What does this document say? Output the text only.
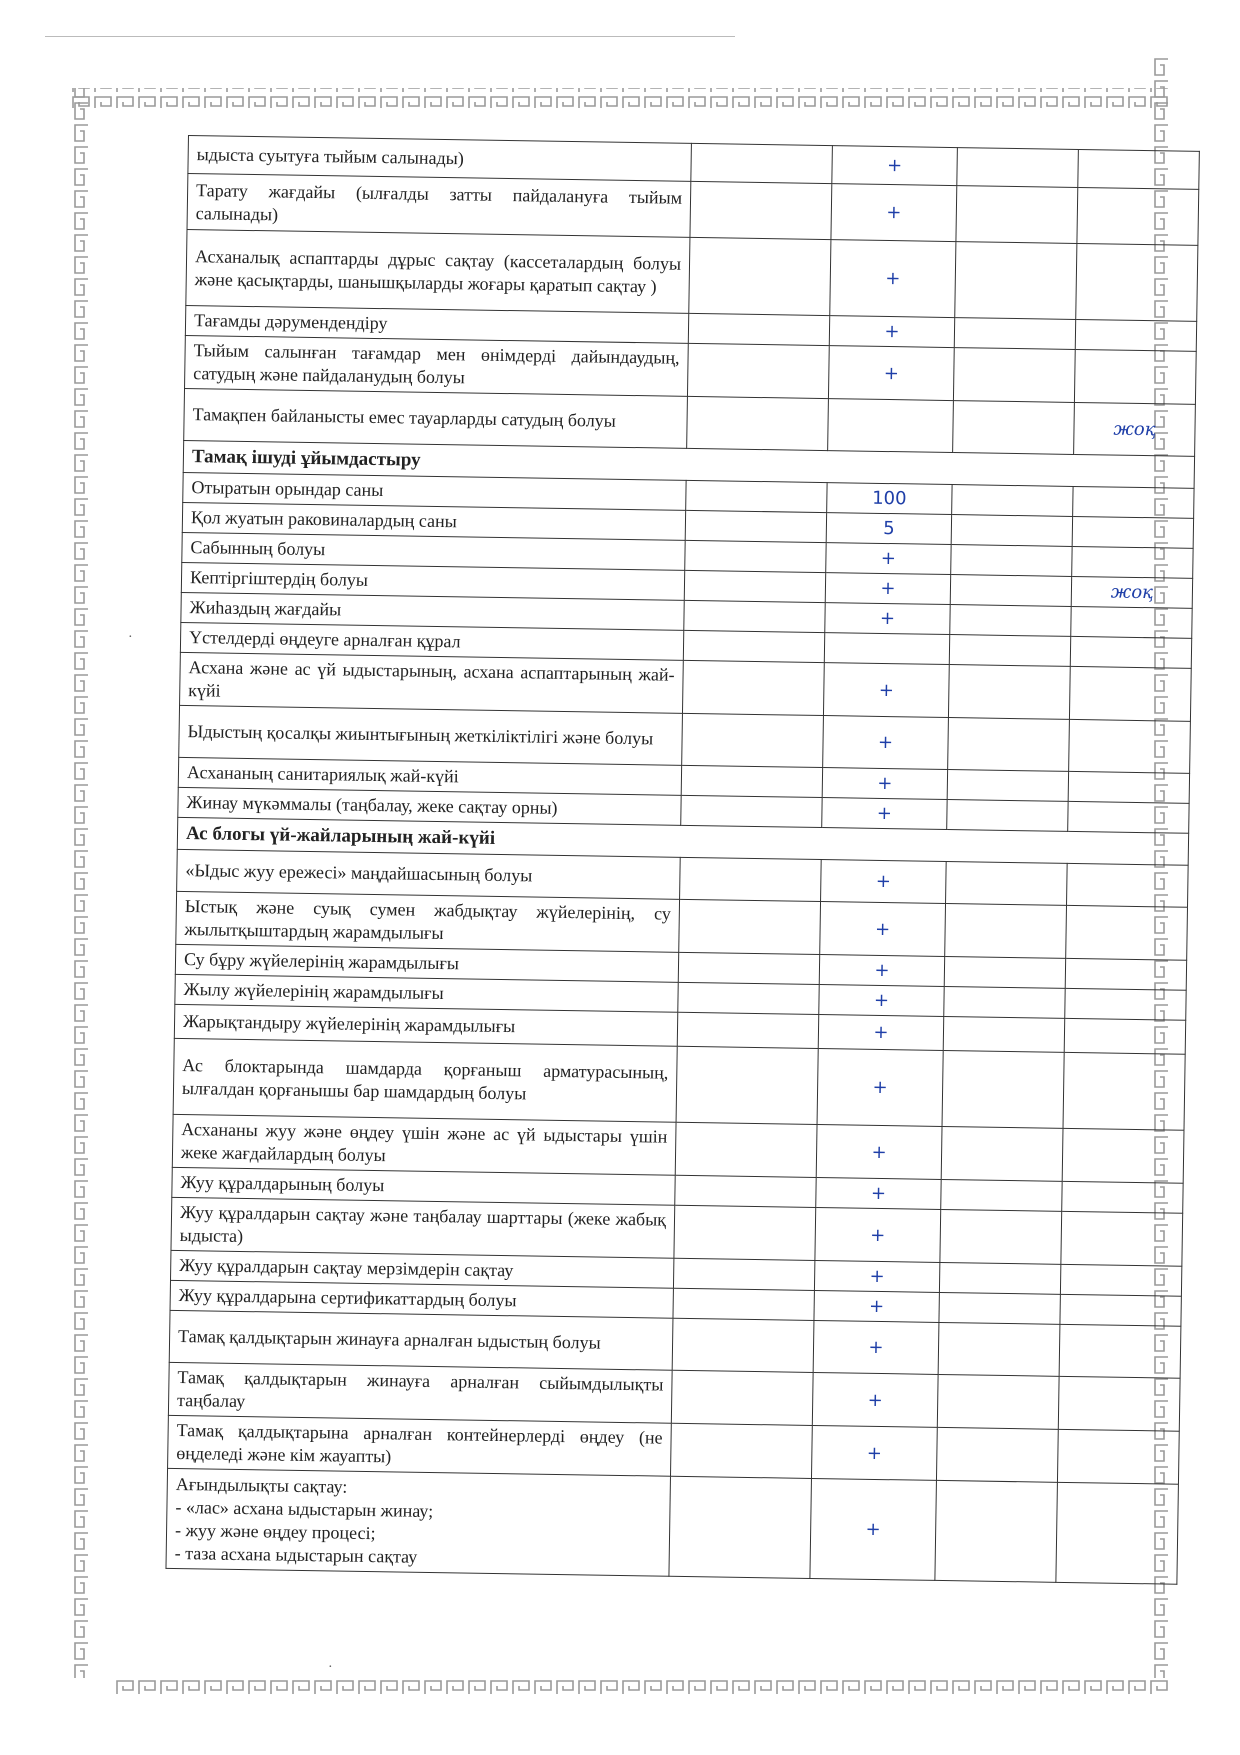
ыдыста суытуға тыйым салынады)		+		
Тарату жағдайы (ылғалды затты пайдалануға тыйым салынады)		+		
Асханалық аспаптарды дұрыс сақтау (кассеталардың болуы және қасықтарды, шанышқыларды жоғары қаратып сақтау )		+		
Тағамды дәрумендендіру		+		
Тыйым салынған тағамдар мен өнімдерді дайындаудың, сатудың және пайдаланудың болуы		+		
Тамақпен байланысты емес тауарларды сатудың болуы				жоқ
Тамақ ішуді ұйымдастыру				
Отыратын орындар саны		100		
Қол жуатын раковиналардың саны		5		
Сабынның болуы		+		
Кептіргіштердің болуы		+		жоқ
Жиhаздың жағдайы		+		
Үстелдерді өңдеуге арналған құрал				
Асхана және ас үй ыдыстарының, асхана аспаптарының жай-күйі		+		
Ыдыстың қосалқы жиынтығының жеткіліктілігі және болуы		+		
Асхананың санитариялық жай-күйі		+		
Жинау мүкәммалы (таңбалау, жеке сақтау орны)		+		
Ас блогы үй-жайларының жай-күйі				
«Ыдыс жуу ережесі» маңдайшасының болуы		+		
Ыстық және суық сумен жабдықтау жүйелерінің, су жылытқыштардың жарамдылығы		+		
Су бұру жүйелерінің жарамдылығы		+		
Жылу жүйелерінің жарамдылығы		+		
Жарықтандыру жүйелерінің жарамдылығы		+		
Ас блоктарында шамдарда қорғаныш арматурасының, ылғалдан қорғанышы бар шамдардың болуы		+		
Асхананы жуу және өңдеу үшін және ас үй ыдыстары үшін жеке жағдайлардың болуы		+		
Жуу құралдарының болуы		+		
Жуу құралдарын сақтау және таңбалау шарттары (жеке жабық ыдыста)		+		
Жуу құралдарын сақтау мерзімдерін сақтау		+		
Жуу құралдарына сертификаттардың болуы		+		
Тамақ қалдықтарын жинауға арналған ыдыстың болуы		+		
Тамақ қалдықтарын жинауға арналған сыйымдылықты таңбалау		+		
Тамақ қалдықтарына арналған контейнерлерді өңдеу (не өңделеді және кім жауапты)		+		
Ағындылықты сақтау:
- «лас» асхана ыдыстарын жинау;
- жуу және өңдеу процесі;
- таза асхана ыдыстарын сақтау		+		
·
·
